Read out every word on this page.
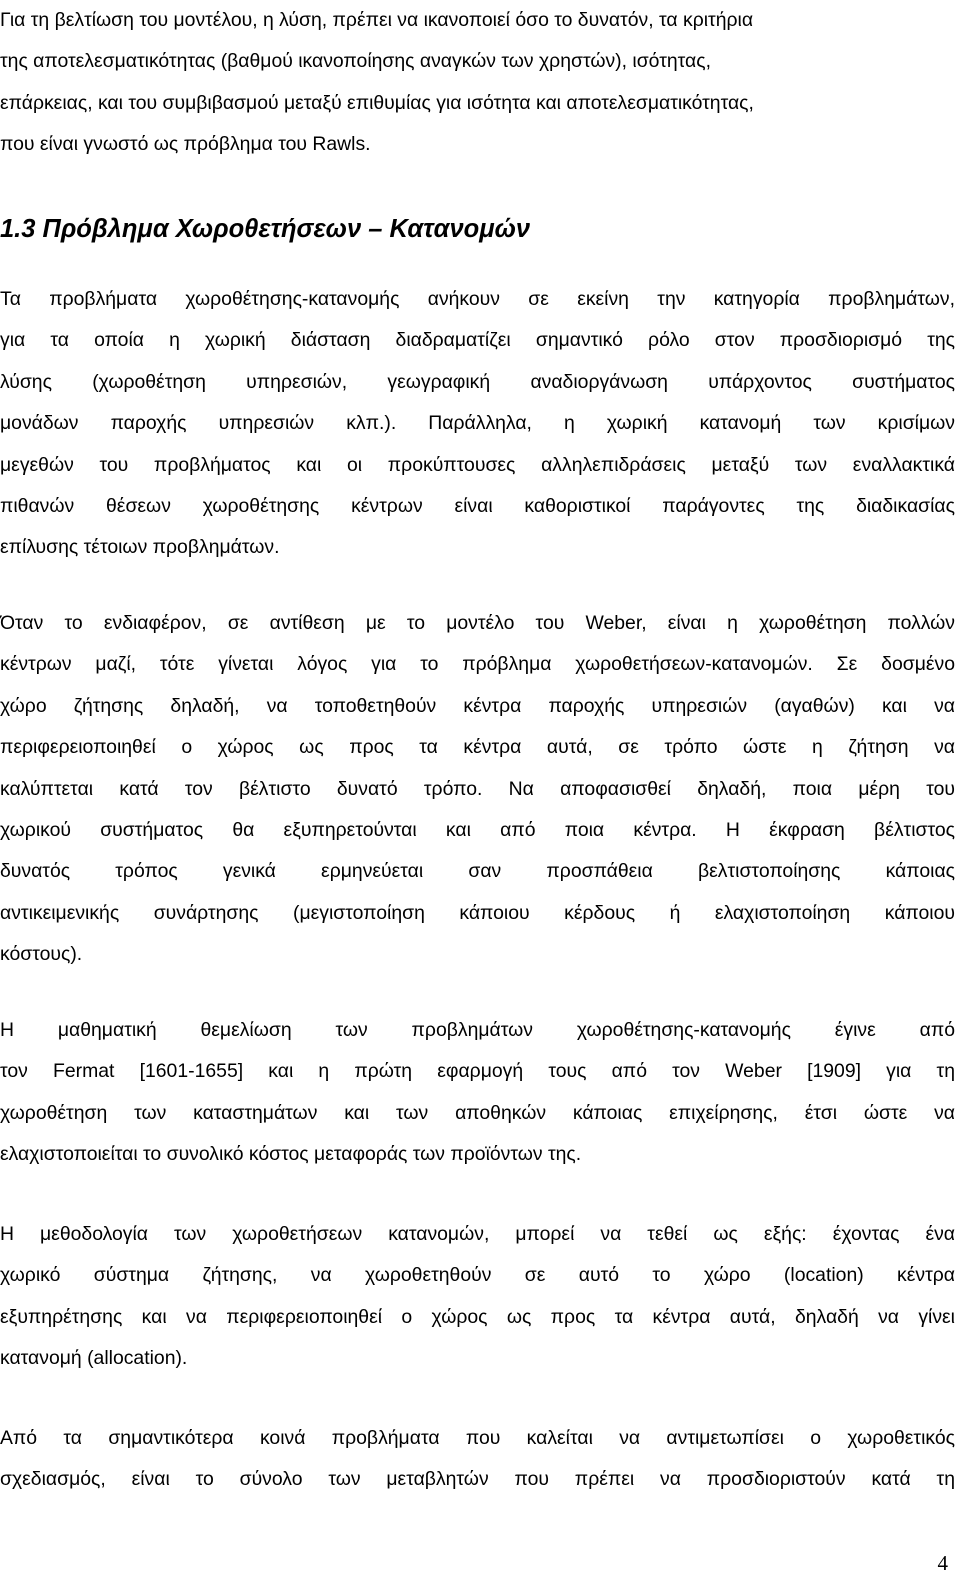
Για τη βελτίωση του μοντέλου, η λύση, πρέπει να ικανοποιεί όσο το δυνατόν, τα κριτήρια
της αποτελεσματικότητας (βαθμού ικανοποίησης αναγκών των χρηστών), ισότητας,
επάρκειας, και του συμβιβασμού μεταξύ επιθυμίας για ισότητα και αποτελεσματικότητας,
που είναι γνωστό ως πρόβλημα του Rawls.
1.3 Πρόβλημα Χωροθετήσεων – Κατανομών
Τα προβλήματα χωροθέτησης-κατανομής ανήκουν σε εκείνη την κατηγορία προβλημάτων,
για τα οποία η χωρική διάσταση διαδραματίζει σημαντικό ρόλο στον προσδιορισμό της
λύσης (χωροθέτηση υπηρεσιών, γεωγραφική αναδιοργάνωση υπάρχοντος συστήματος
μονάδων παροχής υπηρεσιών κλπ.). Παράλληλα, η χωρική κατανομή των κρισίμων
μεγεθών του προβλήματος και οι προκύπτουσες αλληλεπιδράσεις μεταξύ των εναλλακτικά
πιθανών θέσεων χωροθέτησης κέντρων είναι καθοριστικοί παράγοντες της διαδικασίας
επίλυσης τέτοιων προβλημάτων.
Όταν το ενδιαφέρον, σε αντίθεση με το μοντέλο του Weber, είναι η χωροθέτηση πολλών
κέντρων μαζί, τότε γίνεται λόγος για το πρόβλημα χωροθετήσεων-κατανομών. Σε δοσμένο
χώρο ζήτησης δηλαδή, να τοποθετηθούν κέντρα παροχής υπηρεσιών (αγαθών) και να
περιφερειοποιηθεί ο χώρος ως προς τα κέντρα αυτά, σε τρόπο ώστε η ζήτηση να
καλύπτεται κατά τον βέλτιστο δυνατό τρόπο. Να αποφασισθεί δηλαδή, ποια μέρη του
χωρικού συστήματος θα εξυπηρετούνται και από ποια κέντρα. Η έκφραση βέλτιστος
δυνατός τρόπος γενικά ερμηνεύεται σαν προσπάθεια βελτιστοποίησης κάποιας
αντικειμενικής συνάρτησης (μεγιστοποίηση κάποιου κέρδους ή ελαχιστοποίηση κάποιου
κόστους).
Η μαθηματική θεμελίωση των προβλημάτων χωροθέτησης-κατανομής έγινε από
τον Fermat [1601-1655] και η πρώτη εφαρμογή τους από τον Weber [1909] για τη
χωροθέτηση των καταστημάτων και των αποθηκών κάποιας επιχείρησης, έτσι ώστε να
ελαχιστοποιείται το συνολικό κόστος μεταφοράς των προϊόντων της.
Η μεθοδολογία των χωροθετήσεων κατανομών, μπορεί να τεθεί ως εξής: έχοντας ένα
χωρικό σύστημα ζήτησης, να χωροθετηθούν σε αυτό το χώρο (location) κέντρα
εξυπηρέτησης και να περιφερειοποιηθεί ο χώρος ως προς τα κέντρα αυτά, δηλαδή να γίνει
κατανομή (allocation).
Από τα σημαντικότερα κοινά προβλήματα που καλείται να αντιμετωπίσει ο χωροθετικός
σχεδιασμός, είναι το σύνολο των μεταβλητών που πρέπει να προσδιοριστούν κατά τη
4
